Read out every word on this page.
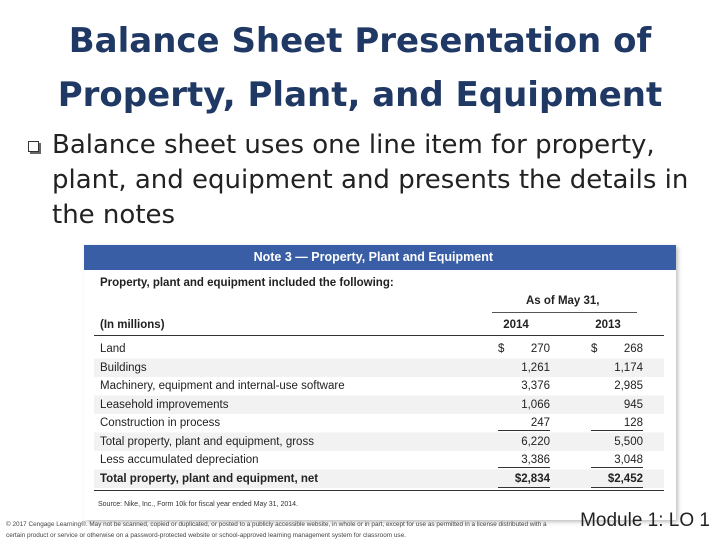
Balance Sheet Presentation of
Property, Plant, and Equipment

Balance sheet uses one line item for property, plant, and equipment and presents the details in the notes

Note 3 — Property, Plant and Equipment
Property, plant and equipment included the following:
As of May 31,
(In millions)	2014	2013
Land	$	270	$	268
Buildings	1,261	1,174
Machinery, equipment and internal-use software	3,376	2,985
Leasehold improvements	1,066	945
Construction in process	247	128
Total property, plant and equipment, gross	6,220	5,500
Less accumulated depreciation	3,386	3,048
Total property, plant and equipment, net	$2,834	$2,452
Source: Nike, Inc., Form 10k for fiscal year ended May 31, 2014.

© 2017 Cengage Learning®. May not be scanned, copied or duplicated, or posted to a publicly accessible website, in whole or in part, except for use as permitted in a license distributed with a certain product or service or otherwise on a password-protected website or school-approved learning management system for classroom use.

Module 1: LO 1
